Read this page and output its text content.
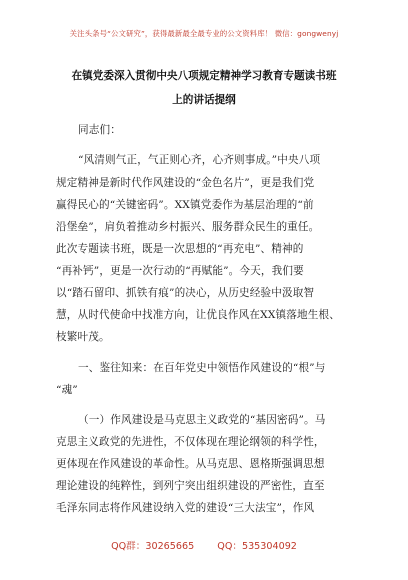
关注头条号“公文研究”，获得最新最全最专业的公文资料库！ 微信：gongwenyj
在镇党委深入贯彻中央八项规定精神学习教育专题读书班
上的讲话提纲
同志们：
“风清则气正，气正则心齐，心齐则事成。”中央八项
规定精神是新时代作风建设的“金色名片”，更是我们党
赢得民心的“关键密码”。XX镇党委作为基层治理的“前
沿堡垒”，肩负着推动乡村振兴、服务群众民生的重任。
此次专题读书班，既是一次思想的“再充电”、精神的
“再补钙”，更是一次行动的“再赋能”。今天，我们要
以“踏石留印、抓铁有痕”的决心，从历史经验中汲取智
慧，从时代使命中找准方向，让优良作风在XX镇落地生根、
枝繁叶茂。
一、鉴往知来：在百年党史中领悟作风建设的“根”与
“魂”
（一）作风建设是马克思主义政党的“基因密码”。马
克思主义政党的先进性，不仅体现在理论纲领的科学性，
更体现在作风建设的革命性。从马克思、恩格斯强调思想
理论建设的纯粹性，到列宁突出组织建设的严密性，直至
毛泽东同志将作风建设纳入党的建设“三大法宝”，作风
QQ群：30265665 QQ：535304092
